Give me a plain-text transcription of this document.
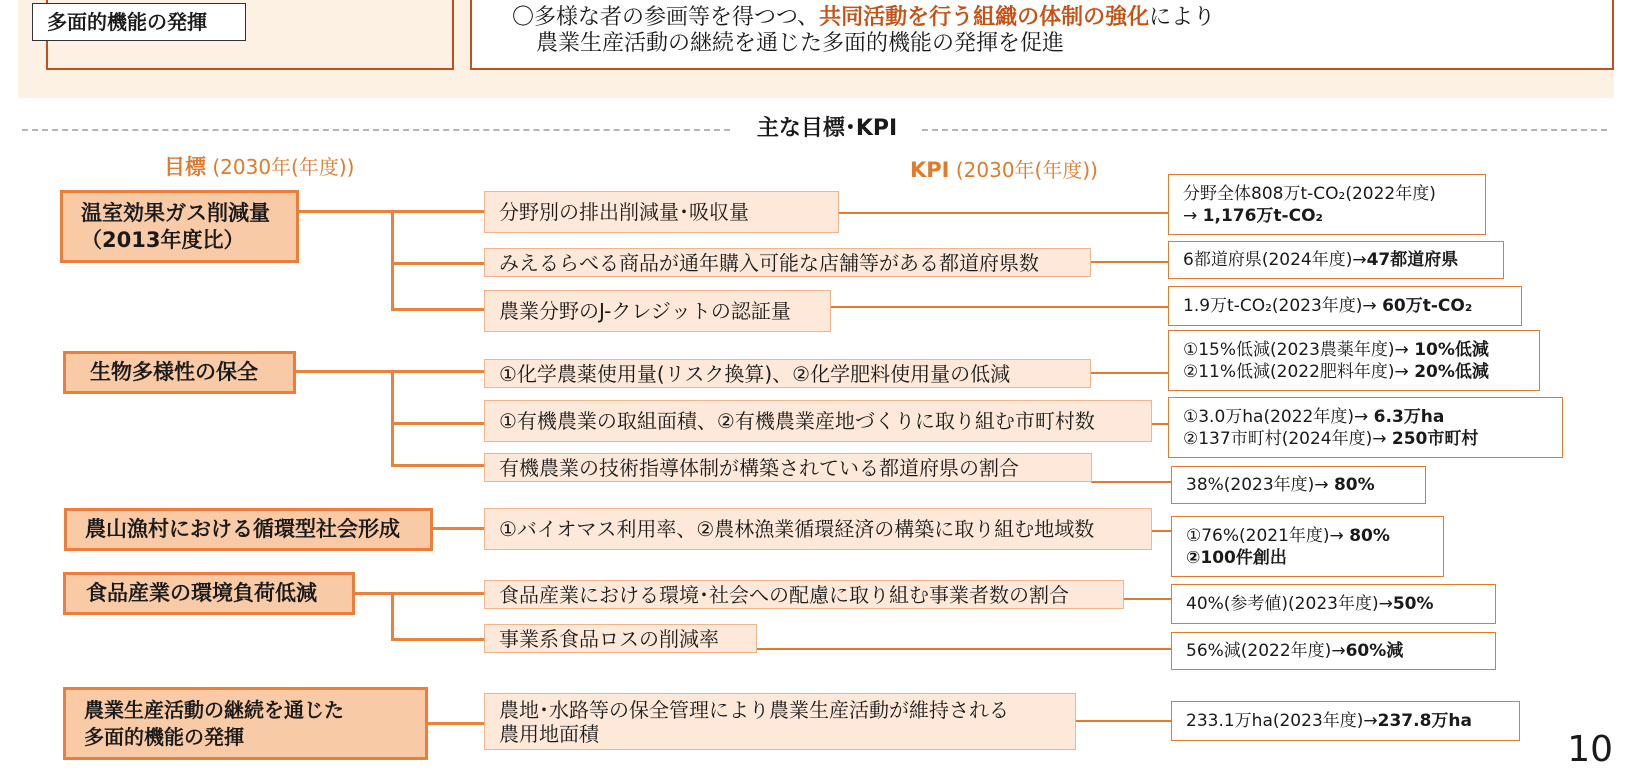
多面的機能の発揮	〇多様な者の参画等を得つつ、共同活動を行う組織の体制の強化により
農業生産活動の継続を通じた多面的機能の発揮を促進
主な目標･KPI
目標 (2030年(年度))	KPI (2030年(年度))
温室効果ガス削減量
（2013年度比）
生物多様性の保全
農山漁村における循環型社会形成
食品産業の環境負荷低減
農業生産活動の継続を通じた
多面的機能の発揮
分野別の排出削減量･吸収量
みえるらべる商品が通年購入可能な店舗等がある都道府県数
農業分野のJ-クレジットの認証量
①化学農薬使用量(リスク換算)、②化学肥料使用量の低減
①有機農業の取組面積、②有機農業産地づくりに取り組む市町村数
有機農業の技術指導体制が構築されている都道府県の割合
①バイオマス利用率、②農林漁業循環経済の構築に取り組む地域数
食品産業における環境･社会への配慮に取り組む事業者数の割合
事業系食品ロスの削減率
農地･水路等の保全管理により農業生産活動が維持される
農用地面積
分野全体808万t-CO₂(2022年度)
→ 1,176万t-CO₂
6都道府県(2024年度)→47都道府県
1.9万t-CO₂(2023年度)→ 60万t-CO₂
①15%低減(2023農薬年度)→ 10%低減
②11%低減(2022肥料年度)→ 20%低減
①3.0万ha(2022年度)→ 6.3万ha
②137市町村(2024年度)→ 250市町村
38%(2023年度)→ 80%
①76%(2021年度)→ 80%
②100件創出
40%(参考値)(2023年度)→50%
56%減(2022年度)→60%減
233.1万ha(2023年度)→237.8万ha
10
